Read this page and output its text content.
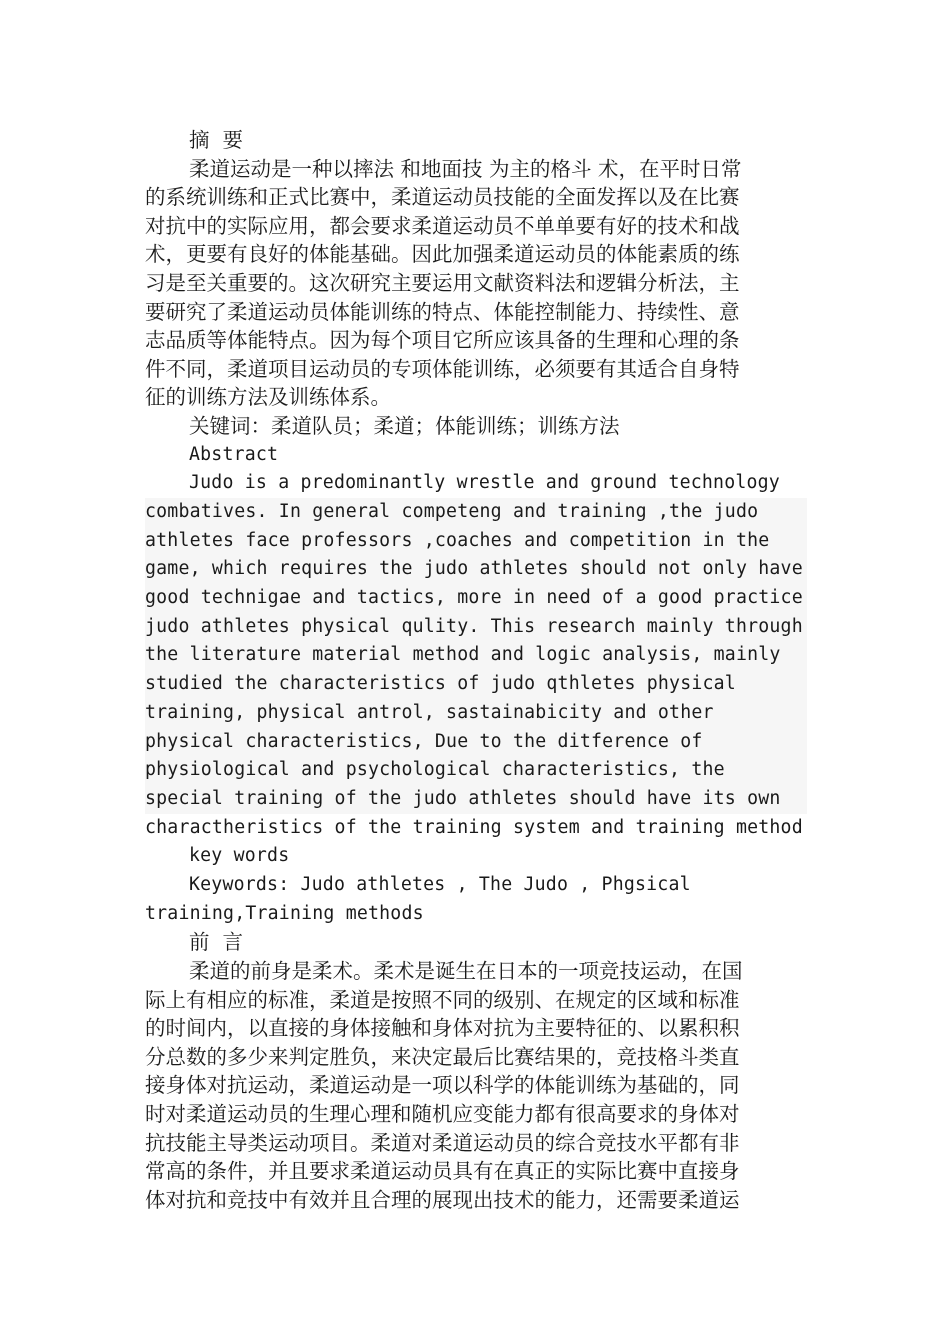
摘  要

柔道运动是一种以摔法 和地面技 为主的格斗 术，在平时日常
的系统训练和正式比赛中，柔道运动员技能的全面发挥以及在比赛
对抗中的实际应用，都会要求柔道运动员不单单要有好的技术和战
术，更要有良好的体能基础。因此加强柔道运动员的体能素质的练
习是至关重要的。这次研究主要运用文献资料法和逻辑分析法，主
要研究了柔道运动员体能训练的特点、体能控制能力、持续性、意
志品质等体能特点。因为每个项目它所应该具备的生理和心理的条
件不同，柔道项目运动员的专项体能训练，必须要有其适合自身特
征的训练方法及训练体系。

关键词：柔道队员；柔道；体能训练；训练方法

Abstract

Judo is a predominantly wrestle and ground technology
combatives. In general competeng and training ,the judo
athletes face professors ,coaches and competition in the
game, which requires the judo athletes should not only have
good technigae and tactics, more in need of a good practice
judo athletes physical qulity. This research mainly through
the literature material method and logic analysis, mainly
studied the characteristics of judo qthletes physical
training, physical antrol, sastainabicity and other
physical characteristics, Due to the ditference of
physiological and psychological characteristics, the
special training of the judo athletes should have its own
charactheristics of the training system and training method

key words

Keywords: Judo athletes , The Judo , Phgsical
training,Training methods

前  言

柔道的前身是柔术。柔术是诞生在日本的一项竞技运动，在国
际上有相应的标准，柔道是按照不同的级别、在规定的区域和标准
的时间内，以直接的身体接触和身体对抗为主要特征的、以累积积
分总数的多少来判定胜负，来决定最后比赛结果的，竞技格斗类直
接身体对抗运动，柔道运动是一项以科学的体能训练为基础的，同
时对柔道运动员的生理心理和随机应变能力都有很高要求的身体对
抗技能主导类运动项目。柔道对柔道运动员的综合竞技水平都有非
常高的条件，并且要求柔道运动员具有在真正的实际比赛中直接身
体对抗和竞技中有效并且合理的展现出技术的能力，还需要柔道运
